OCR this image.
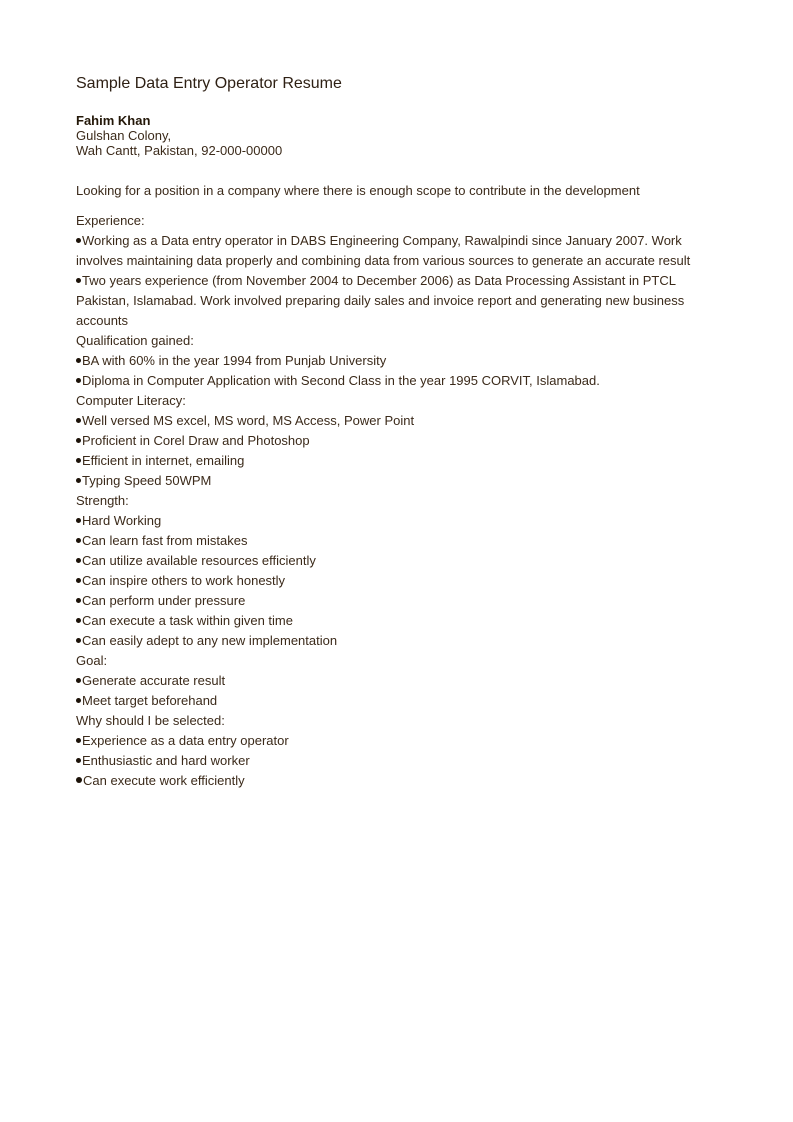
Sample Data Entry Operator Resume
Fahim Khan
Gulshan Colony,
Wah Cantt, Pakistan, 92-000-00000
Looking for a position in a company where there is enough scope to contribute in the development
Experience:
Working as a Data entry operator in DABS Engineering Company, Rawalpindi since January 2007. Work involves maintaining data properly and combining data from various sources to generate an accurate result
Two years experience (from November 2004 to December 2006) as Data Processing Assistant in PTCL Pakistan, Islamabad. Work involved preparing daily sales and invoice report and generating new business accounts
Qualification gained:
BA with 60% in the year 1994 from Punjab University
Diploma in Computer Application with Second Class in the year 1995 CORVIT, Islamabad.
Computer Literacy:
Well versed MS excel, MS word, MS Access, Power Point
Proficient in Corel Draw and Photoshop
Efficient in internet, emailing
Typing Speed 50WPM
Strength:
Hard Working
Can learn fast from mistakes
Can utilize available resources efficiently
Can inspire others to work honestly
Can perform under pressure
Can execute a task within given time
Can easily adept to any new implementation
Goal:
Generate accurate result
Meet target beforehand
Why should I be selected:
Experience as a data entry operator
Enthusiastic and hard worker
Can execute work efficiently
